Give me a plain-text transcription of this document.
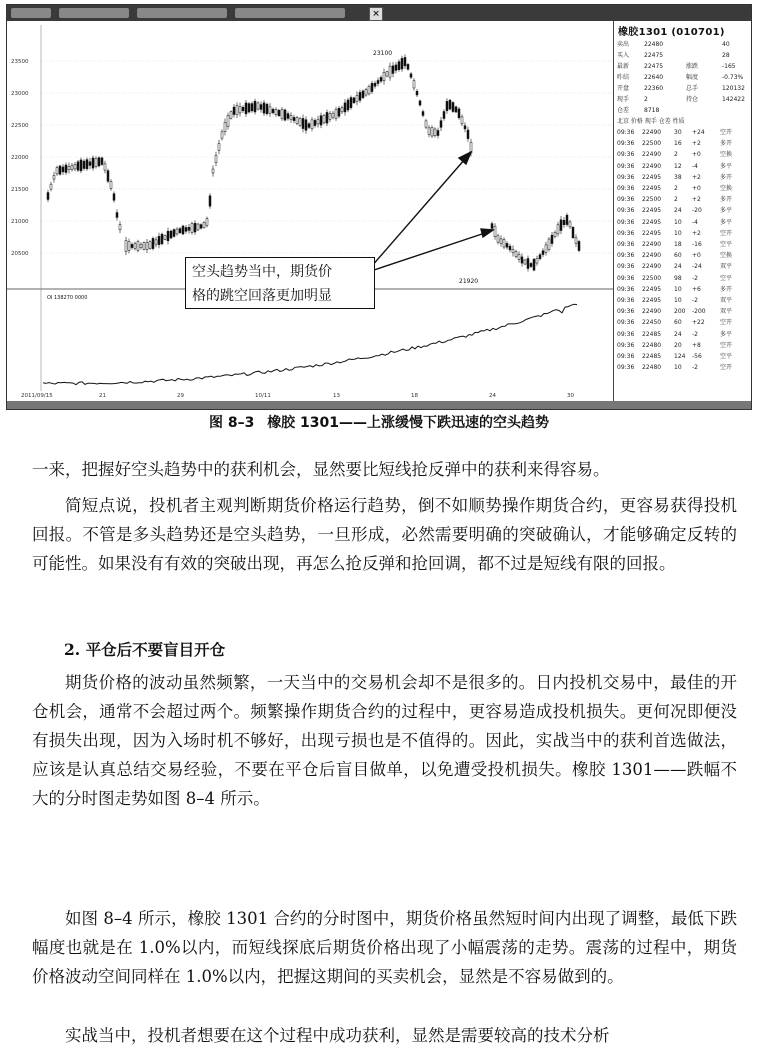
×
23500
23000
22500
22000
21500
21000
20500
2011/09/15	21	29	10/11	13	18	24	30
23100
21920
OI 138270 0000
橡胶1301 (010701)
卖出 22480	40
买入 22475	28
最新 22475	涨跌	-165
昨结 22640	幅度	-0.73%
开盘 22360	总手	120132
现手 2	持仓	142422
仓差 8718
北京 价格 现手 仓差 性质
09:36 22490 30 +24	空开
09:36 22500 16 +2	多开
09:36 22490 2 +0	空换
09:36 22490 12 -4	多平
09:36 22495 38 +2	多开
09:36 22495 2 +0	空换
09:36 22500 2 +2	多开
09:36 22495 24 -20	多平
09:36 22495 10 -4	多平
09:36 22495 10 +2	空开
09:36 22490 18 -16	空平
09:36 22490 60 +0	空换
09:36 22490 24 -24	双平
09:36 22500 98 -2	空平
09:36 22495 10 +6	多开
09:36 22495 10 -2	双平
09:36 22490 200 -200 双平
09:36 22450 60 +22	空开
09:36 22485 24 -2	多平
09:36 22480 20 +8	空开
09:36 22485 124 -56	空平
09:36 22480 10 -2	空开
空头趋势当中，期货价
格的跳空回落更加明显
图 8–3 橡胶 1301——上涨缓慢下跌迅速的空头趋势
一来，把握好空头趋势中的获利机会，显然要比短线抢反弹中的获利来得容易。
简短点说，投机者主观判断期货价格运行趋势，倒不如顺势操作期货合约，更容易获得投机回报。不管是多头趋势还是空头趋势，一旦形成，必然需要明确的突破确认，才能够确定反转的可能性。如果没有有效的突破出现，再怎么抢反弹和抢回调，都不过是短线有限的回报。
2. 平仓后不要盲目开仓
期货价格的波动虽然频繁，一天当中的交易机会却不是很多的。日内投机交易中，最佳的开仓机会，通常不会超过两个。频繁操作期货合约的过程中，更容易造成投机损失。更何况即便没有损失出现，因为入场时机不够好，出现亏损也是不值得的。因此，实战当中的获利首选做法，应该是认真总结交易经验，不要在平仓后盲目做单，以免遭受投机损失。橡胶 1301——跌幅不大的分时图走势如图 8–4 所示。
如图 8–4 所示，橡胶 1301 合约的分时图中，期货价格虽然短时间内出现了调整，最低下跌幅度也就是在 1.0%以内，而短线探底后期货价格出现了小幅震荡的走势。震荡的过程中，期货价格波动空间同样在 1.0%以内，把握这期间的买卖机会，显然是不容易做到的。
实战当中，投机者想要在这个过程中成功获利，显然是需要较高的技术分析
